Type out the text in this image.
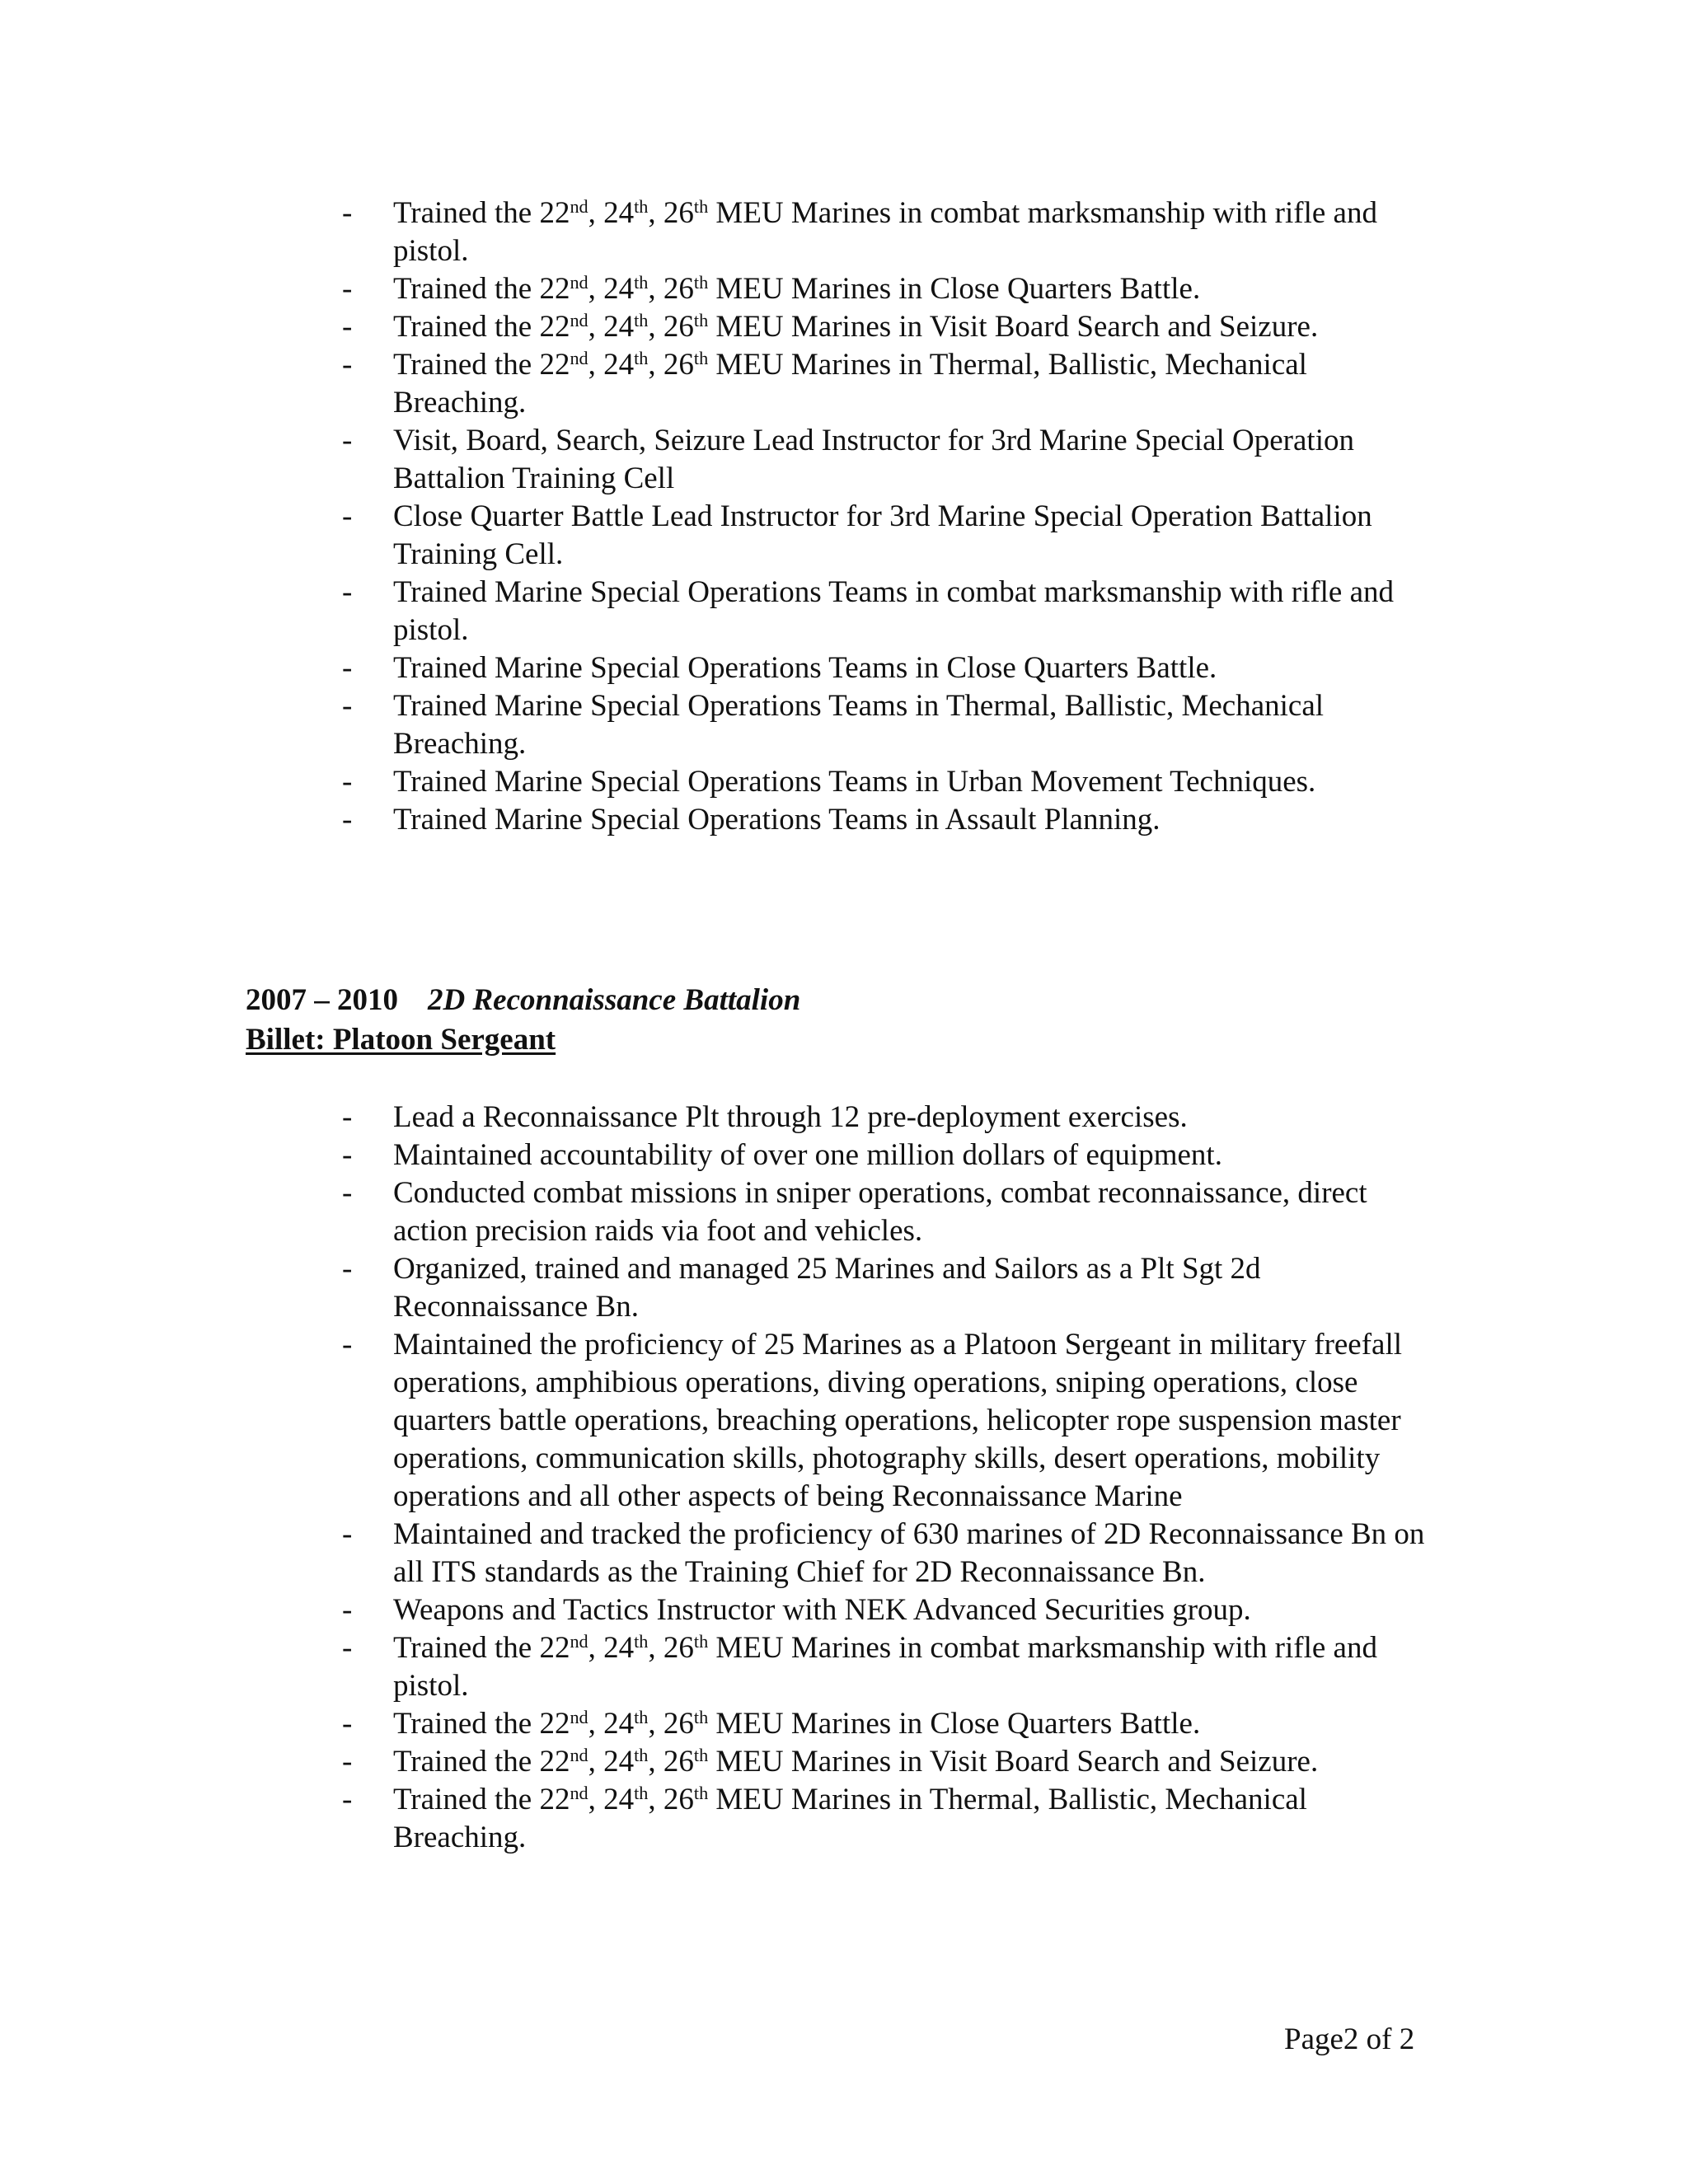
- Trained the 22nd, 24th, 26th MEU Marines in combat marksmanship with rifle and pistol.
- Trained the 22nd, 24th, 26th MEU Marines in Close Quarters Battle.
- Trained the 22nd, 24th, 26th MEU Marines in Visit Board Search and Seizure.
- Trained the 22nd, 24th, 26th MEU Marines in Thermal, Ballistic, Mechanical Breaching.
- Visit, Board, Search, Seizure Lead Instructor for 3rd Marine Special Operation Battalion Training Cell
- Close Quarter Battle Lead Instructor for 3rd Marine Special Operation Battalion Training Cell.
- Trained Marine Special Operations Teams in combat marksmanship with rifle and pistol.
- Trained Marine Special Operations Teams in Close Quarters Battle.
- Trained Marine Special Operations Teams in Thermal, Ballistic, Mechanical Breaching.
- Trained Marine Special Operations Teams in Urban Movement Techniques.
- Trained Marine Special Operations Teams in Assault Planning.
2007 – 2010 2D Reconnaissance Battalion
Billet: Platoon Sergeant
- Lead a Reconnaissance Plt through 12 pre-deployment exercises.
- Maintained accountability of over one million dollars of equipment.
- Conducted combat missions in sniper operations, combat reconnaissance, direct action precision raids via foot and vehicles.
- Organized, trained and managed 25 Marines and Sailors as a Plt Sgt 2d Reconnaissance Bn.
- Maintained the proficiency of 25 Marines as a Platoon Sergeant in military freefall operations, amphibious operations, diving operations, sniping operations, close quarters battle operations, breaching operations, helicopter rope suspension master operations, communication skills, photography skills, desert operations, mobility operations and all other aspects of being Reconnaissance Marine
- Maintained and tracked the proficiency of 630 marines of 2D Reconnaissance Bn on all ITS standards as the Training Chief for 2D Reconnaissance Bn.
- Weapons and Tactics Instructor with NEK Advanced Securities group.
- Trained the 22nd, 24th, 26th MEU Marines in combat marksmanship with rifle and pistol.
- Trained the 22nd, 24th, 26th MEU Marines in Close Quarters Battle.
- Trained the 22nd, 24th, 26th MEU Marines in Visit Board Search and Seizure.
- Trained the 22nd, 24th, 26th MEU Marines in Thermal, Ballistic, Mechanical Breaching.
Page2 of 2
